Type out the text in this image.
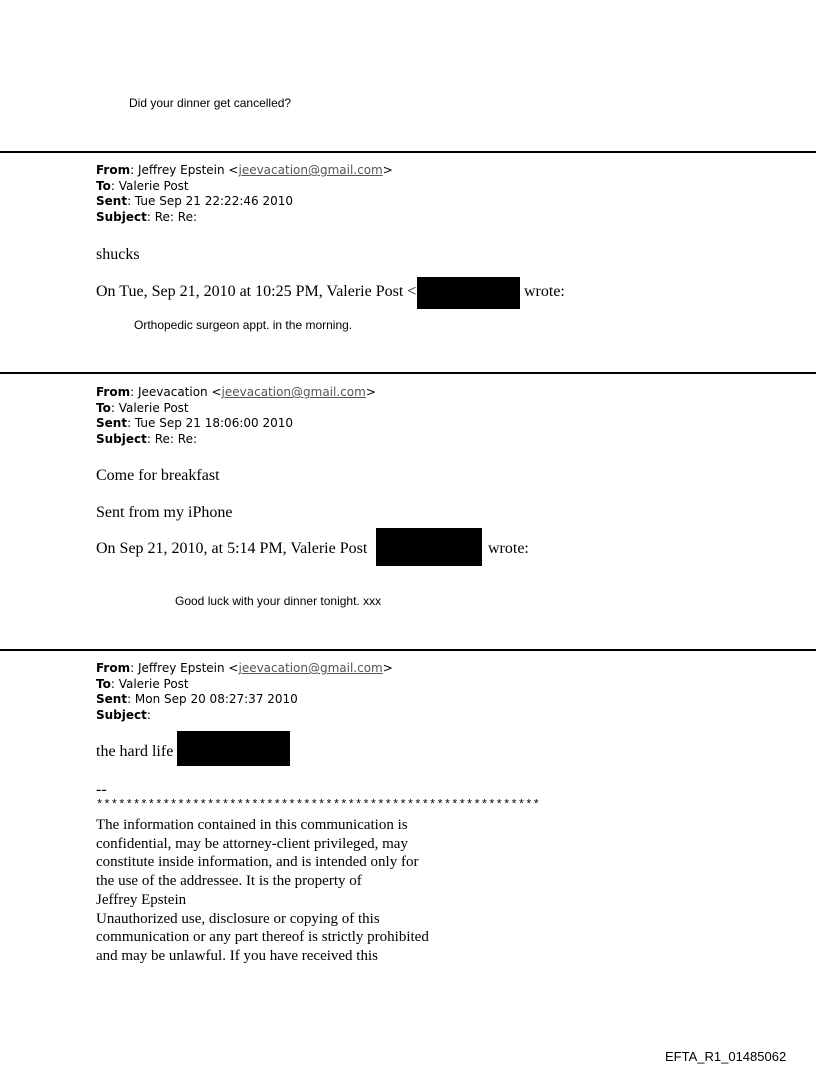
Did your dinner get cancelled?
From: Jeffrey Epstein <jeevacation@gmail.com>
To: Valerie Post
Sent: Tue Sep 21 22:22:46 2010
Subject: Re: Re:
shucks
On Tue, Sep 21, 2010 at 10:25 PM, Valerie Post <	wrote:
Orthopedic surgeon appt. in the morning.
From: Jeevacation <jeevacation@gmail.com>
To: Valerie Post
Sent: Tue Sep 21 18:06:00 2010
Subject: Re: Re:
Come for breakfast
Sent from my iPhone
On Sep 21, 2010, at 5:14 PM, Valerie Post	wrote:
Good luck with your dinner tonight. xxx
From: Jeffrey Epstein <jeevacation@gmail.com>
To: Valerie Post
Sent: Mon Sep 20 08:27:37 2010
Subject:
the hard life
--
************************************************************
The information contained in this communication is
confidential, may be attorney-client privileged, may
constitute inside information, and is intended only for
the use of the addressee. It is the property of
Jeffrey Epstein
Unauthorized use, disclosure or copying of this
communication or any part thereof is strictly prohibited
and may be unlawful. If you have received this
EFTA_R1_01485062
